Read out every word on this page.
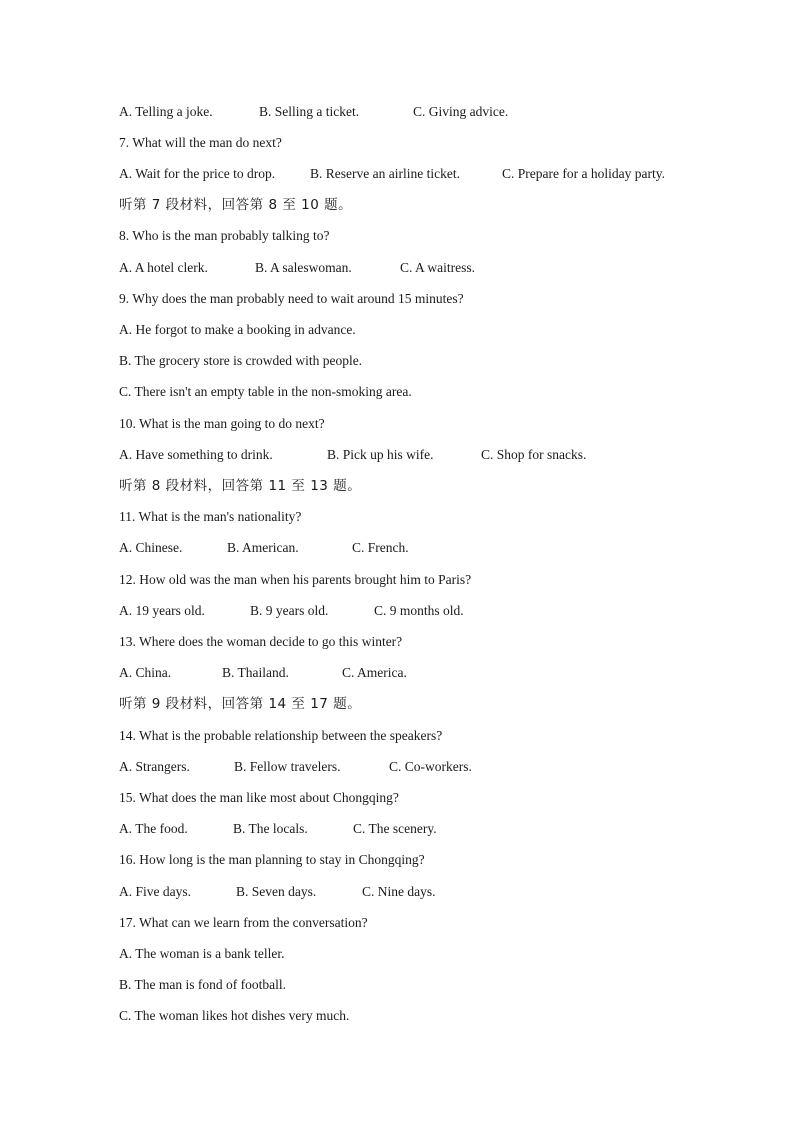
A. Telling a joke.	B. Selling a ticket.	C. Giving advice.
7. What will the man do next?
A. Wait for the price to drop.	B. Reserve an airline ticket.	C. Prepare for a holiday party.
听第 7 段材料，回答第 8 至 10 题。
8. Who is the man probably talking to?
A. A hotel clerk.	B. A saleswoman.	C. A waitress.
9. Why does the man probably need to wait around 15 minutes?
A. He forgot to make a booking in advance.
B. The grocery store is crowded with people.
C. There isn't an empty table in the non-smoking area.
10. What is the man going to do next?
A. Have something to drink.	B. Pick up his wife.	C. Shop for snacks.
听第 8 段材料，回答第 11 至 13 题。
11. What is the man's nationality?
A. Chinese.	B. American.	C. French.
12. How old was the man when his parents brought him to Paris?
A. 19 years old.	B. 9 years old.	C. 9 months old.
13. Where does the woman decide to go this winter?
A. China.	B. Thailand.	C. America.
听第 9 段材料，回答第 14 至 17 题。
14. What is the probable relationship between the speakers?
A. Strangers.	B. Fellow travelers.	C. Co-workers.
15. What does the man like most about Chongqing?
A. The food.	B. The locals.	C. The scenery.
16. How long is the man planning to stay in Chongqing?
A. Five days.	B. Seven days.	C. Nine days.
17. What can we learn from the conversation?
A. The woman is a bank teller.
B. The man is fond of football.
C. The woman likes hot dishes very much.
